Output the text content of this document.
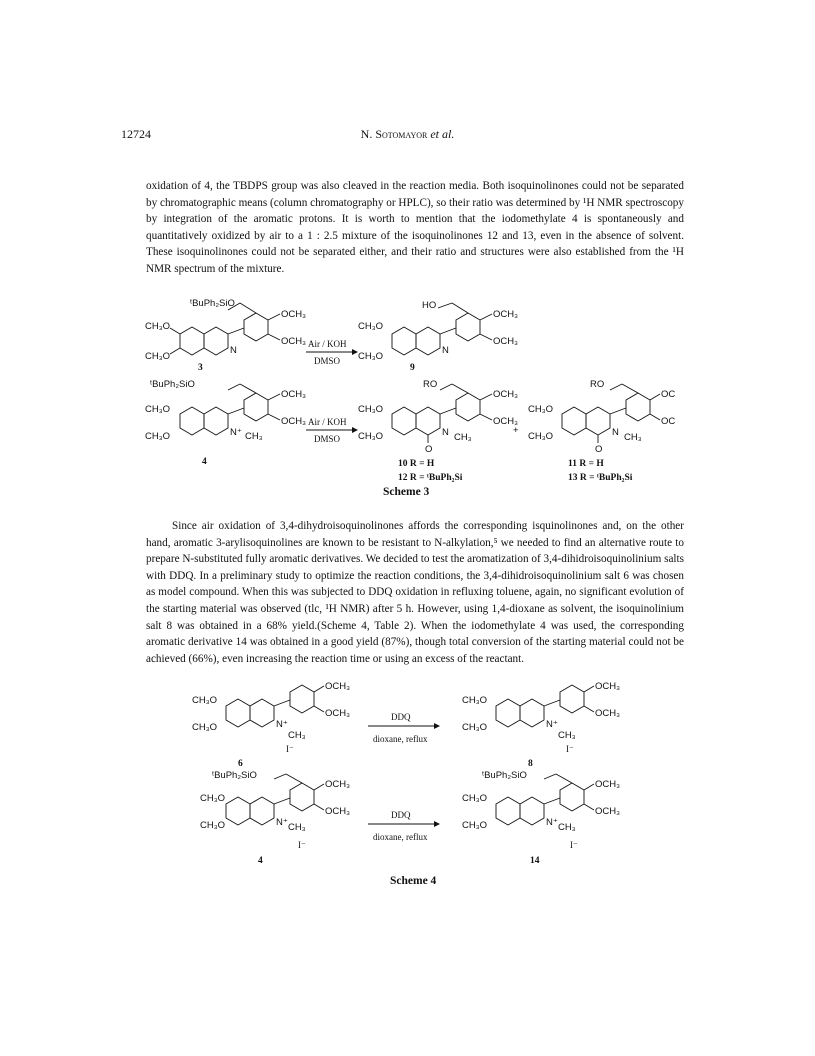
12724	N. Sotomayor et al.
oxidation of 4, the TBDPS group was also cleaved in the reaction media. Both isoquinolinones could not be separated by chromatographic means (column chromatography or HPLC), so their ratio was determined by ¹H NMR spectroscopy by integration of the aromatic protons. It is worth to mention that the iodomethylate 4 is spontaneously and quantitatively oxidized by air to a 1 : 2.5 mixture of the isoquinolinones 12 and 13, even in the absence of solvent. These isoquinolinones could not be separated either, and their ratio and structures were also established from the ¹H NMR spectrum of the mixture.
ᵗBuPh₂SiO
OCH₃
OCH₃
CH₃O
CH₃O
N
3
Air / KOH
DMSO
HO
OCH₃
OCH₃
CH₃O
CH₃O
N
9
ᵗBuPh₂SiO
OCH₃
OCH₃
CH₃O
CH₃O	N⁺ CH₃
4
Air / KOH
DMSO
RO
OCH₃
OCH₃
CH₃O
CH₃O	N CH₃
O
+
10 R = H
12 R = ᵗBuPh₂Si
RO
OC
OC
CH₃O
CH₃O	N CH₃
O
11 R = H
13 R = ᵗBuPh₂Si
Scheme 3
Since air oxidation of 3,4-dihydroisoquinolinones affords the corresponding isquinolinones and, on the other hand, aromatic 3-arylisoquinolines are known to be resistant to N-alkylation,⁵ we needed to find an alternative route to prepare N-substituted fully aromatic derivatives. We decided to test the aromatization of 3,4-dihidroisoquinolinium salts with DDQ. In a preliminary study to optimize the reaction conditions, the 3,4-dihidroisoquinolinium salt 6 was chosen as model compound. When this was subjected to DDQ oxidation in refluxing toluene, again, no significant evolution of the starting material was observed (tlc, ¹H NMR) after 5 h. However, using 1,4-dioxane as solvent, the isoquinolinium salt 8 was obtained in a 68% yield.(Scheme 4, Table 2). When the iodomethylate 4 was used, the corresponding aromatic derivative 14 was obtained in a good yield (87%), though total conversion of the starting material could not be achieved (66%), even increasing the reaction time or using an excess of the reactant.
OCH₃
OCH₃
CH₃O
CH₃O	N⁺
CH₃
I⁻
6
DDQ
dioxane, reflux
OCH₃
OCH₃
CH₃O
CH₃O	N⁺
CH₃
I⁻
8
ᵗBuPh₂SiO
OCH₃
OCH₃
CH₃O
CH₃O	N⁺ CH₃
I⁻
4
DDQ
dioxane, reflux
ᵗBuPh₂SiO
OCH₃
OCH₃
CH₃O
CH₃O	N⁺ CH₃
I⁻
14
Scheme 4
